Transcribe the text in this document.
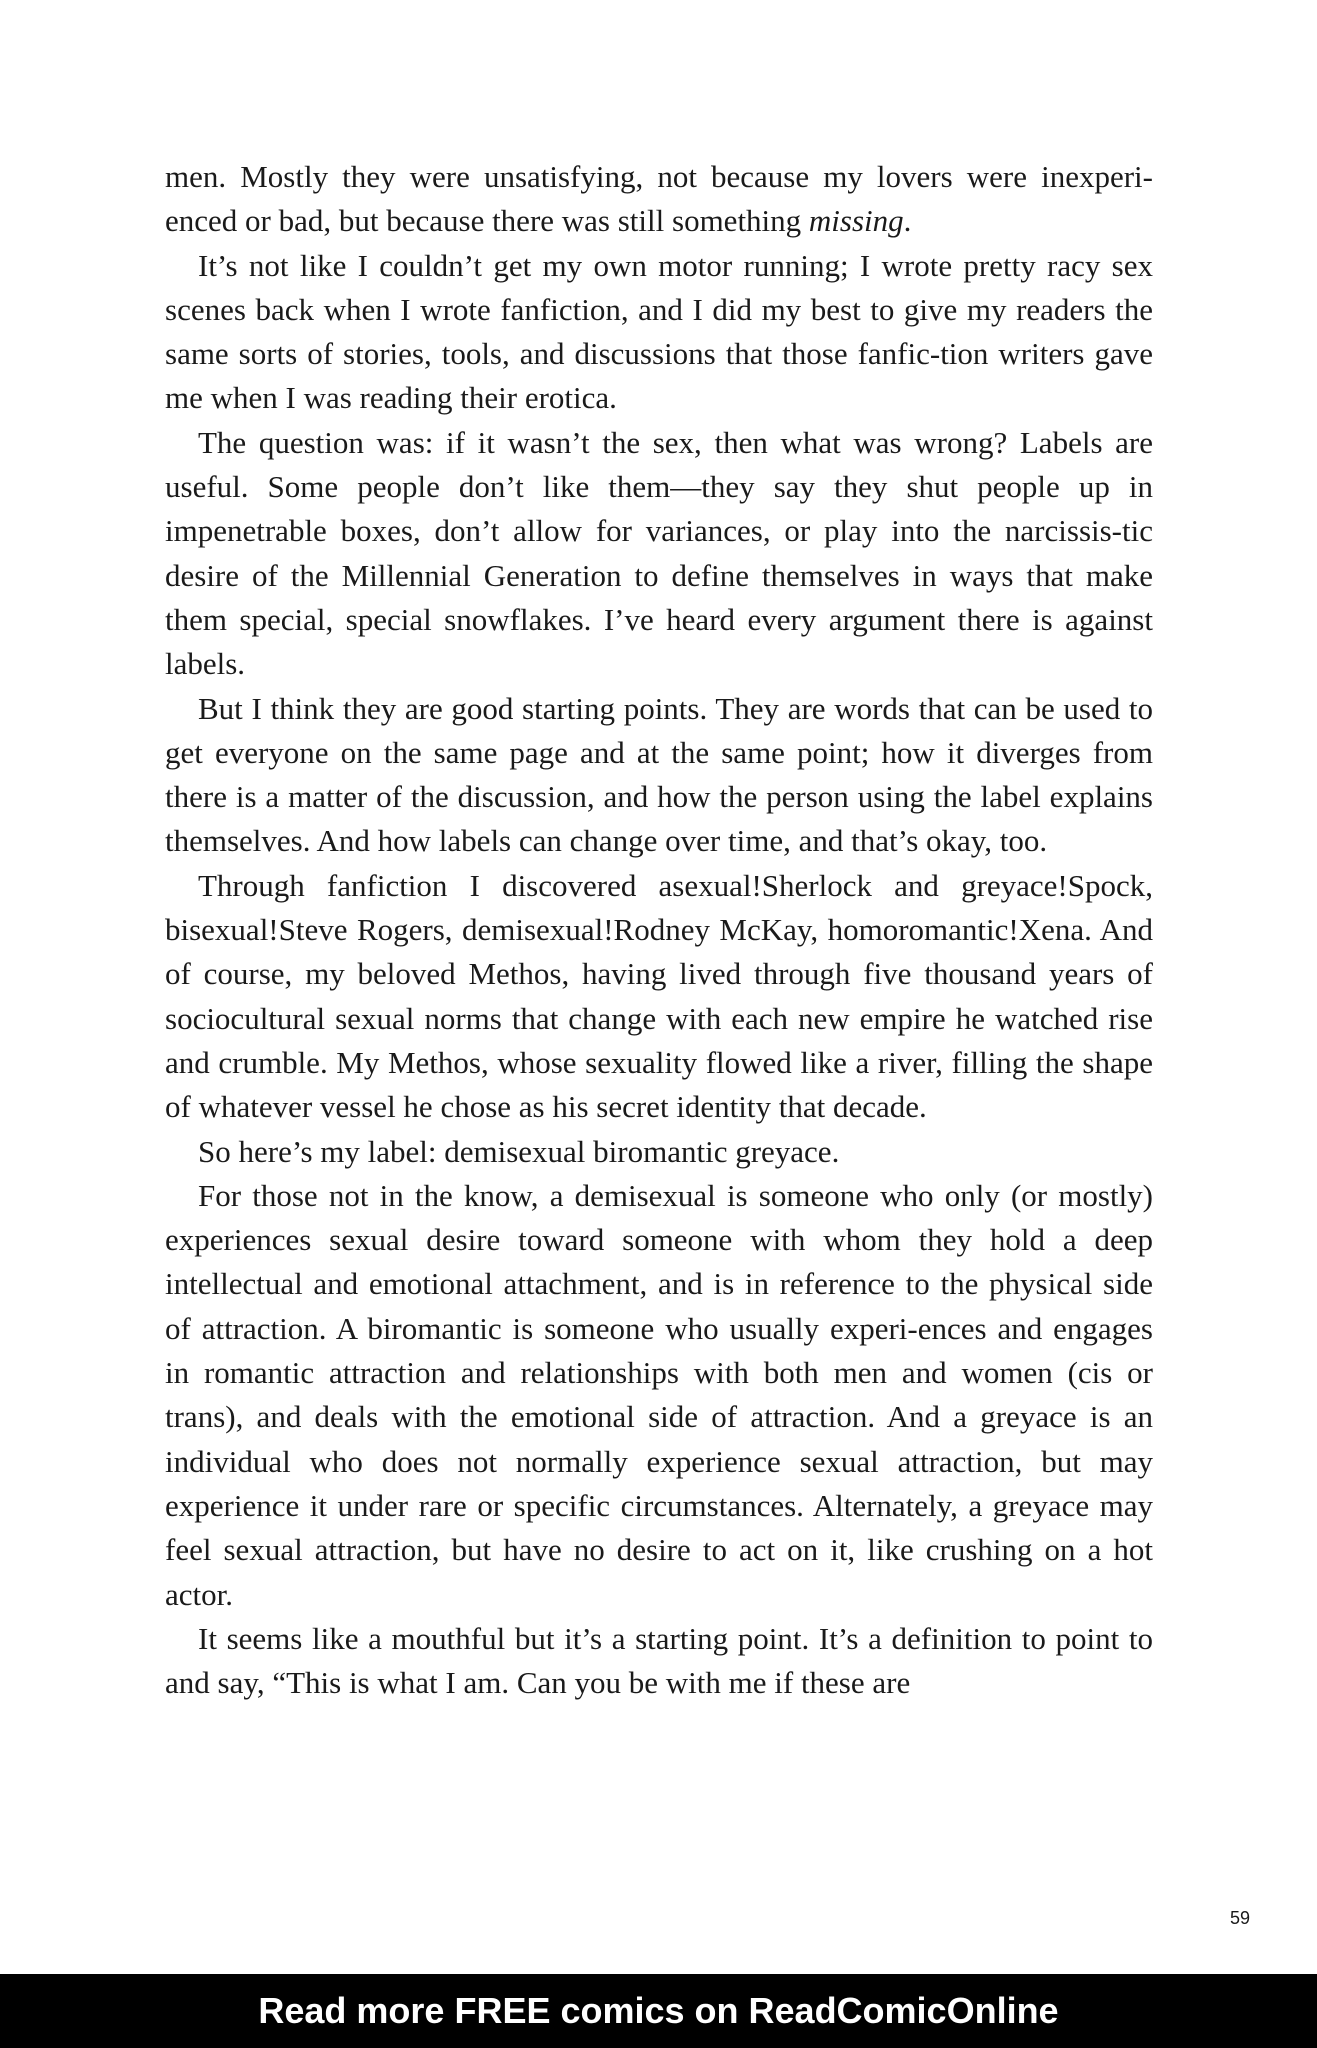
men. Mostly they were unsatisfying, not because my lovers were inexperi-enced or bad, but because there was still something missing.

It’s not like I couldn’t get my own motor running; I wrote pretty racy sex scenes back when I wrote fanfiction, and I did my best to give my readers the same sorts of stories, tools, and discussions that those fanfic-tion writers gave me when I was reading their erotica.

The question was: if it wasn’t the sex, then what was wrong? Labels are useful. Some people don’t like them—they say they shut people up in impenetrable boxes, don’t allow for variances, or play into the narcissis-tic desire of the Millennial Generation to define themselves in ways that make them special, special snowflakes. I’ve heard every argument there is against labels.

But I think they are good starting points. They are words that can be used to get everyone on the same page and at the same point; how it diverges from there is a matter of the discussion, and how the person using the label explains themselves. And how labels can change over time, and that’s okay, too.

Through fanfiction I discovered asexual!Sherlock and greyace!Spock, bisexual!Steve Rogers, demisexual!Rodney McKay, homoromantic!Xena. And of course, my beloved Methos, having lived through five thousand years of sociocultural sexual norms that change with each new empire he watched rise and crumble. My Methos, whose sexuality flowed like a river, filling the shape of whatever vessel he chose as his secret identity that decade.

So here’s my label: demisexual biromantic greyace.

For those not in the know, a demisexual is someone who only (or mostly) experiences sexual desire toward someone with whom they hold a deep intellectual and emotional attachment, and is in reference to the physical side of attraction. A biromantic is someone who usually experi-ences and engages in romantic attraction and relationships with both men and women (cis or trans), and deals with the emotional side of attraction. And a greyace is an individual who does not normally experience sexual attraction, but may experience it under rare or specific circumstances. Alternately, a greyace may feel sexual attraction, but have no desire to act on it, like crushing on a hot actor.

It seems like a mouthful but it’s a starting point. It’s a definition to point to and say, “This is what I am. Can you be with me if these are

59
Read more FREE comics on ReadComicOnline
